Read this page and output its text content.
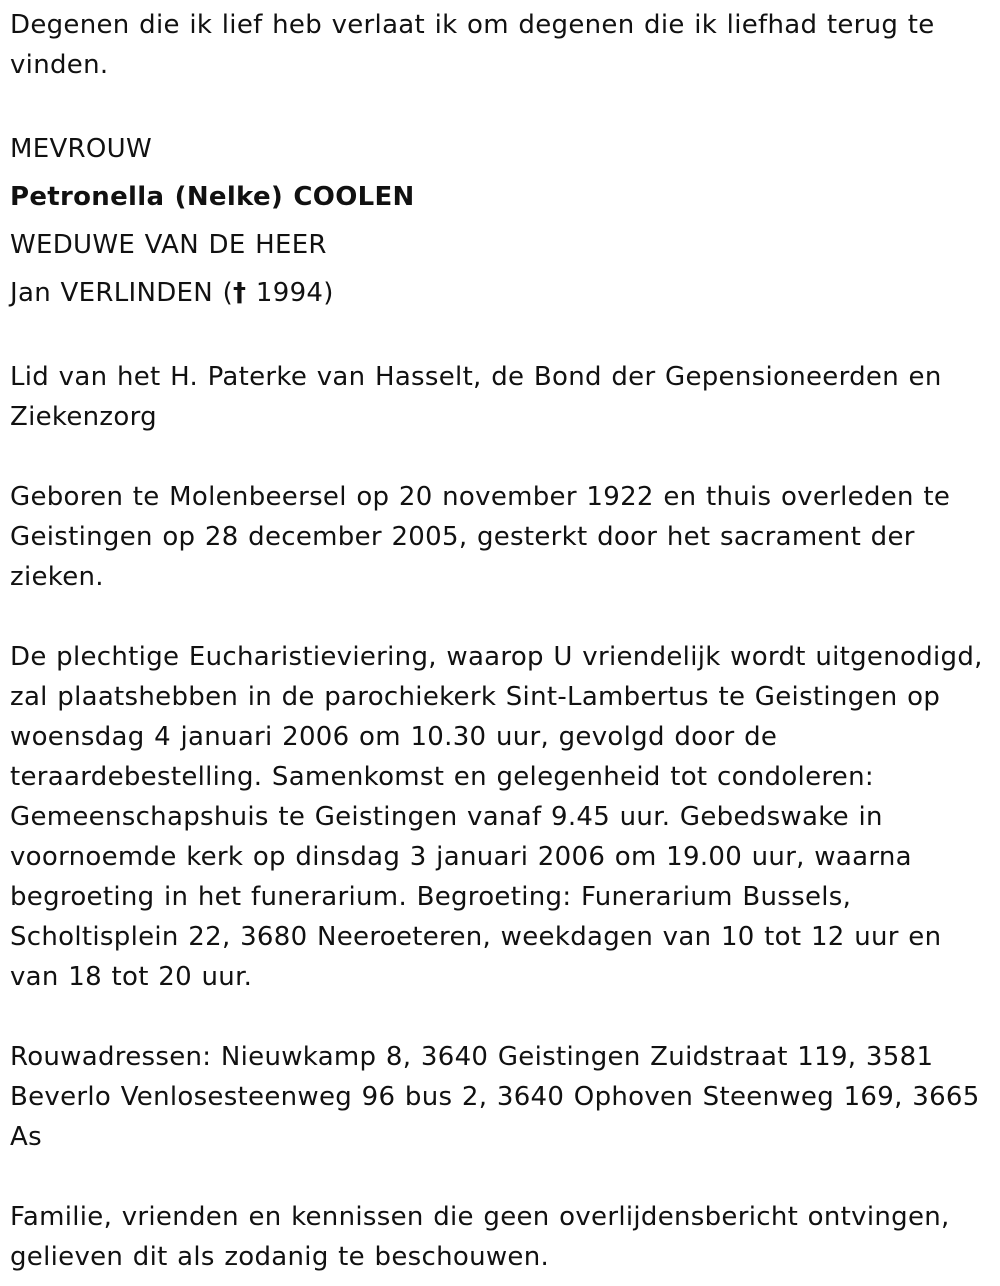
Degenen die ik lief heb verlaat ik om degenen die ik liefhad terug te vinden.

MEVROUW

Petronella (Nelke) COOLEN

WEDUWE VAN DE HEER

Jan VERLINDEN († 1994)

Lid van het H. Paterke van Hasselt, de Bond der Gepensioneerden en Ziekenzorg

Geboren te Molenbeersel op 20 november 1922 en thuis overleden te Geistingen op 28 december 2005, gesterkt door het sacrament der zieken.

De plechtige Eucharistieviering, waarop U vriendelijk wordt uitgenodigd, zal plaatshebben in de parochiekerk Sint-Lambertus te Geistingen op woensdag 4 januari 2006 om 10.30 uur, gevolgd door de teraardebestelling. Samenkomst en gelegenheid tot condoleren: Gemeenschapshuis te Geistingen vanaf 9.45 uur. Gebedswake in voornoemde kerk op dinsdag 3 januari 2006 om 19.00 uur, waarna begroeting in het funerarium. Begroeting: Funerarium Bussels, Scholtisplein 22, 3680 Neeroeteren, weekdagen van 10 tot 12 uur en van 18 tot 20 uur.

Rouwadressen: Nieuwkamp 8, 3640 Geistingen Zuidstraat 119, 3581 Beverlo Venlosesteenweg 96 bus 2, 3640 Ophoven Steenweg 169, 3665 As

Familie, vrienden en kennissen die geen overlijdensbericht ontvingen, gelieven dit als zodanig te beschouwen.
